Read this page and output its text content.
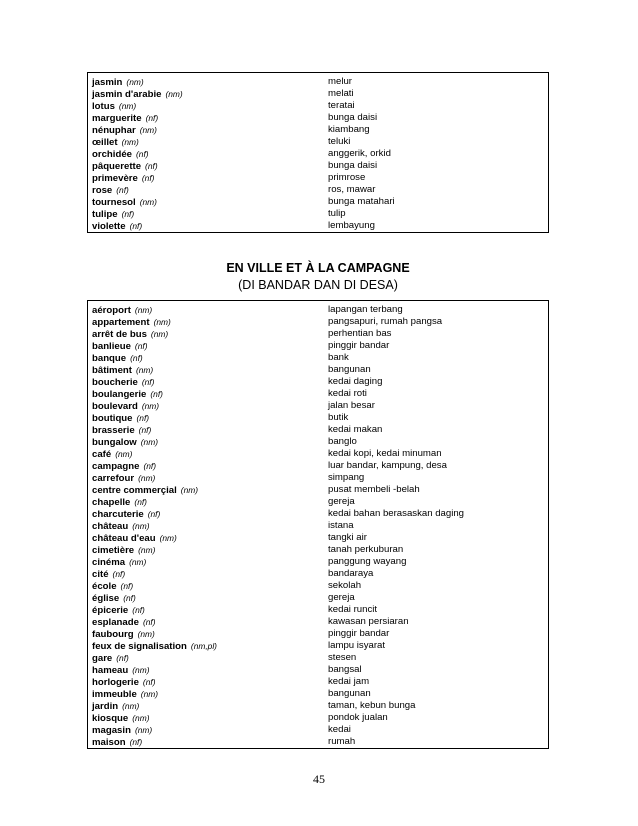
jasmin (nm)	melur
jasmin d'arabie (nm)	melati
lotus (nm)	teratai
marguerite (nf)	bunga daisi
nénuphar (nm)	kiambang
œillet (nm)	teluki
orchidée (nf)	anggerik, orkid
pâquerette (nf)	bunga daisi
primevère (nf)	primrose
rose (nf)	ros, mawar
tournesol (nm)	bunga matahari
tulipe (nf)	tulip
violette (nf)	lembayung
EN VILLE ET À LA CAMPAGNE
(DI BANDAR DAN DI DESA)
aéroport (nm)	lapangan terbang
appartement (nm)	pangsapuri, rumah pangsa
arrêt de bus (nm)	perhentian bas
banlieue (nf)	pinggir bandar
banque (nf)	bank
bâtiment (nm)	bangunan
boucherie (nf)	kedai daging
boulangerie (nf)	kedai roti
boulevard (nm)	jalan besar
boutique (nf)	butik
brasserie (nf)	kedai makan
bungalow (nm)	banglo
café (nm)	kedai kopi, kedai minuman
campagne (nf)	luar bandar, kampung, desa
carrefour (nm)	simpang
centre commerçial (nm)	pusat membeli -belah
chapelle (nf)	gereja
charcuterie (nf)	kedai bahan berasaskan daging
château (nm)	istana
château d'eau (nm)	tangki air
cimetière (nm)	tanah perkuburan
cinéma (nm)	panggung wayang
cité (nf)	bandaraya
école (nf)	sekolah
église (nf)	gereja
épicerie (nf)	kedai runcit
esplanade (nf)	kawasan persiaran
faubourg (nm)	pinggir bandar
feux de signalisation (nm,pl)	lampu isyarat
gare (nf)	stesen
hameau (nm)	bangsal
horlogerie (nf)	kedai jam
immeuble (nm)	bangunan
jardin (nm)	taman, kebun bunga
kiosque (nm)	pondok jualan
magasin (nm)	kedai
maison (nf)	rumah
45
